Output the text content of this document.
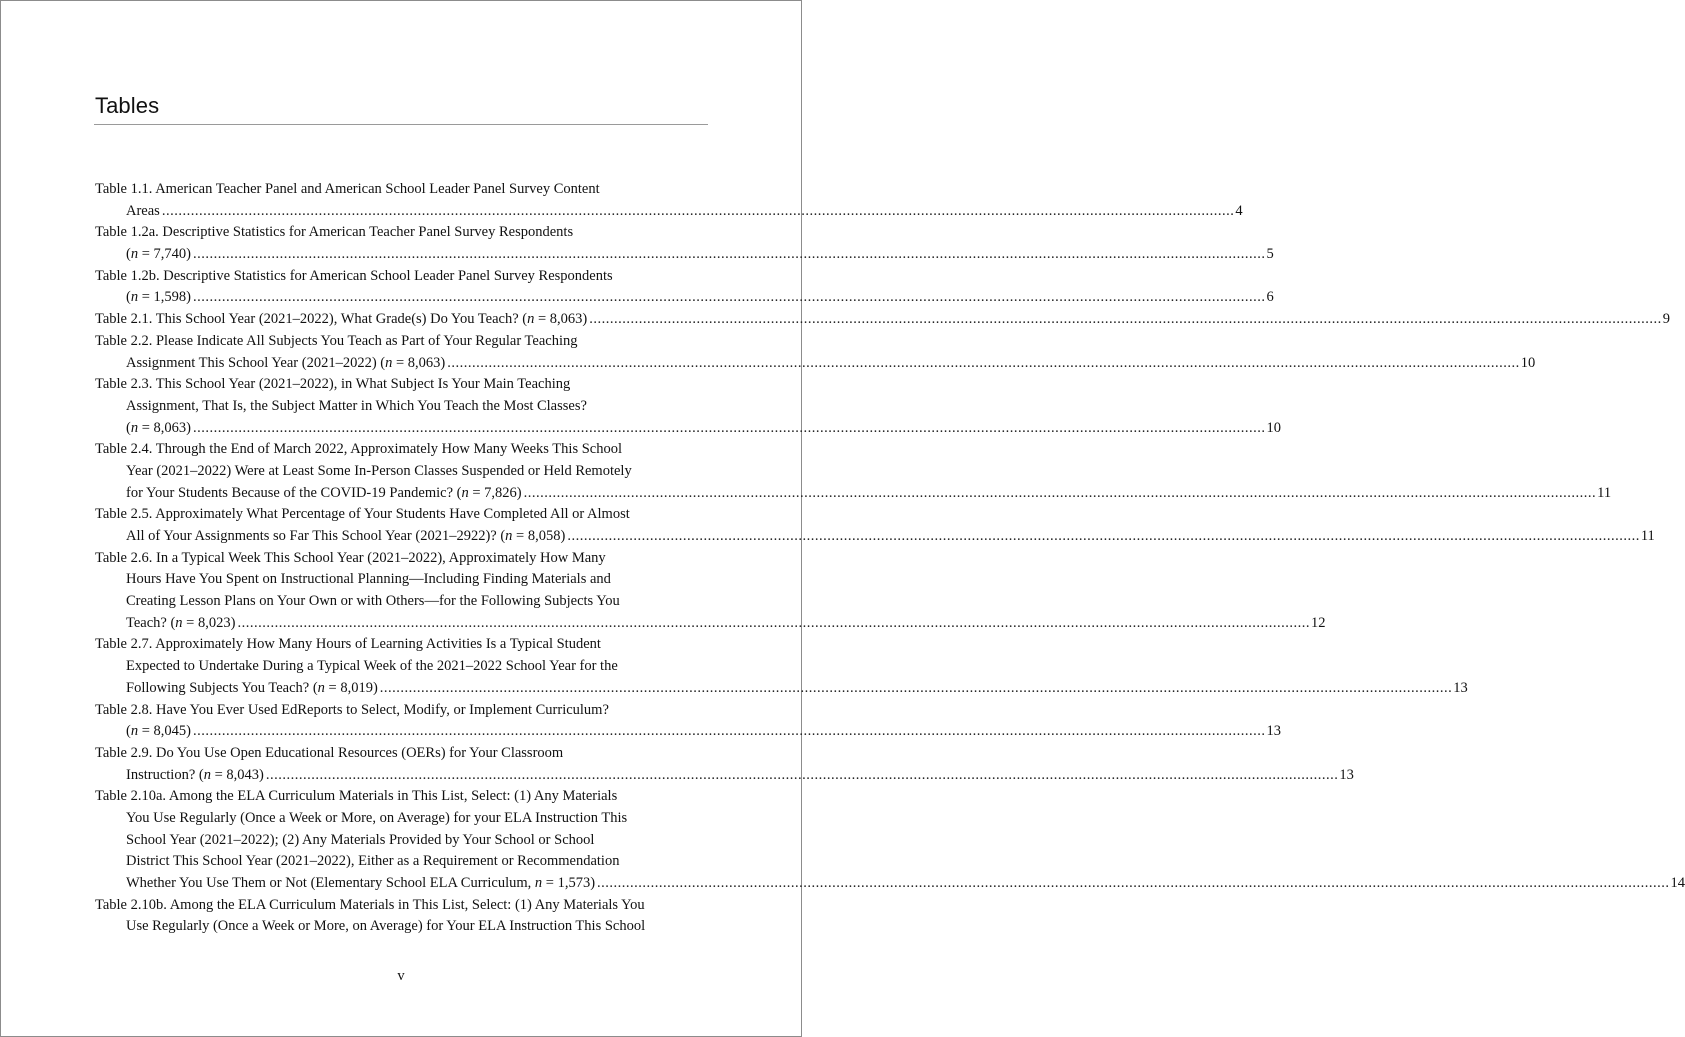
Tables
Table 1.1. American Teacher Panel and American School Leader Panel Survey Content
Areas .................................................................................................................................................................................................................................................................... 4
Table 1.2a. Descriptive Statistics for American Teacher Panel Survey Respondents
(n = 7,740) .................................................................................................................................................................................................................................................................... 5
Table 1.2b. Descriptive Statistics for American School Leader Panel Survey Respondents
(n = 1,598) .................................................................................................................................................................................................................................................................... 6
Table 2.1. This School Year (2021–2022), What Grade(s) Do You Teach? (n = 8,063) .................................................................................................................................................................................................................................................................... 9
Table 2.2. Please Indicate All Subjects You Teach as Part of Your Regular Teaching
Assignment This School Year (2021–2022) (n = 8,063) .................................................................................................................................................................................................................................................................... 10
Table 2.3. This School Year (2021–2022), in What Subject Is Your Main Teaching
Assignment, That Is, the Subject Matter in Which You Teach the Most Classes?
(n = 8,063) .................................................................................................................................................................................................................................................................... 10
Table 2.4. Through the End of March 2022, Approximately How Many Weeks This School
Year (2021–2022) Were at Least Some In-Person Classes Suspended or Held Remotely
for Your Students Because of the COVID-19 Pandemic? (n = 7,826) .................................................................................................................................................................................................................................................................... 11
Table 2.5. Approximately What Percentage of Your Students Have Completed All or Almost
All of Your Assignments so Far This School Year (2021–2922)? (n = 8,058) .................................................................................................................................................................................................................................................................... 11
Table 2.6. In a Typical Week This School Year (2021–2022), Approximately How Many
Hours Have You Spent on Instructional Planning—Including Finding Materials and
Creating Lesson Plans on Your Own or with Others—for the Following Subjects You
Teach? (n = 8,023) .................................................................................................................................................................................................................................................................... 12
Table 2.7. Approximately How Many Hours of Learning Activities Is a Typical Student
Expected to Undertake During a Typical Week of the 2021–2022 School Year for the
Following Subjects You Teach? (n = 8,019) .................................................................................................................................................................................................................................................................... 13
Table 2.8. Have You Ever Used EdReports to Select, Modify, or Implement Curriculum?
(n = 8,045) .................................................................................................................................................................................................................................................................... 13
Table 2.9. Do You Use Open Educational Resources (OERs) for Your Classroom
Instruction? (n = 8,043) .................................................................................................................................................................................................................................................................... 13
Table 2.10a. Among the ELA Curriculum Materials in This List, Select: (1) Any Materials
You Use Regularly (Once a Week or More, on Average) for your ELA Instruction This
School Year (2021–2022); (2) Any Materials Provided by Your School or School
District This School Year (2021–2022), Either as a Requirement or Recommendation
Whether You Use Them or Not (Elementary School ELA Curriculum, n = 1,573) .................................................................................................................................................................................................................................................................... 14
Table 2.10b. Among the ELA Curriculum Materials in This List, Select: (1) Any Materials You
Use Regularly (Once a Week or More, on Average) for Your ELA Instruction This School
v
